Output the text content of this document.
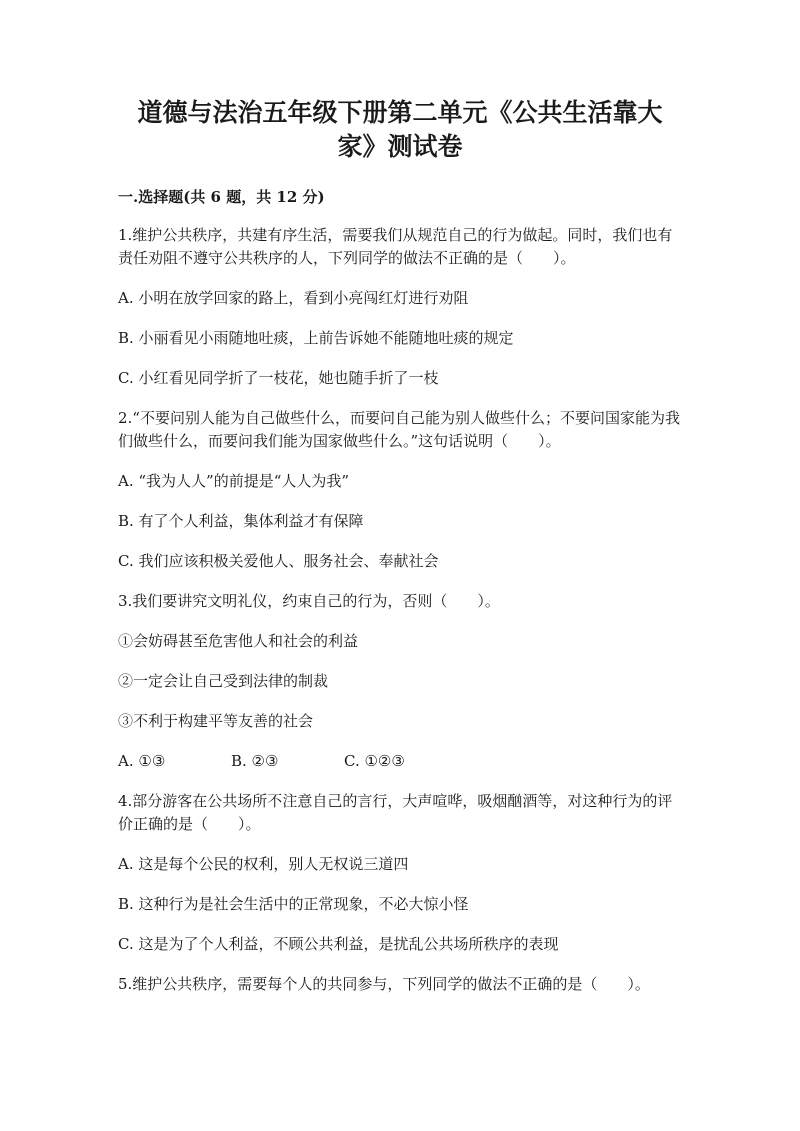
道德与法治五年级下册第二单元《公共生活靠大
家》测试卷
一.选择题(共 6 题，共 12 分)
1.维护公共秩序，共建有序生活，需要我们从规范自己的行为做起。同时，我们也有责任劝阻不遵守公共秩序的人，下列同学的做法不正确的是（　　）。
A. 小明在放学回家的路上，看到小亮闯红灯进行劝阻
B. 小丽看见小雨随地吐痰，上前告诉她不能随地吐痰的规定
C. 小红看见同学折了一枝花，她也随手折了一枝
2.“不要问别人能为自己做些什么，而要问自己能为别人做些什么；不要问国家能为我们做些什么，而要问我们能为国家做些什么。”这句话说明（　　）。
A. “我为人人”的前提是“人人为我”
B. 有了个人利益，集体利益才有保障
C. 我们应该积极关爱他人、服务社会、奉献社会
3.我们要讲究文明礼仪，约束自己的行为，否则（　　）。
①会妨碍甚至危害他人和社会的利益
②一定会让自己受到法律的制裁
③不利于构建平等友善的社会
A. ①③	B. ②③	C. ①②③
4.部分游客在公共场所不注意自己的言行，大声喧哗，吸烟酗酒等，对这种行为的评价正确的是（　　）。
A. 这是每个公民的权利，别人无权说三道四
B. 这种行为是社会生活中的正常现象，不必大惊小怪
C. 这是为了个人利益，不顾公共利益，是扰乱公共场所秩序的表现
5.维护公共秩序，需要每个人的共同参与，下列同学的做法不正确的是（　　）。
